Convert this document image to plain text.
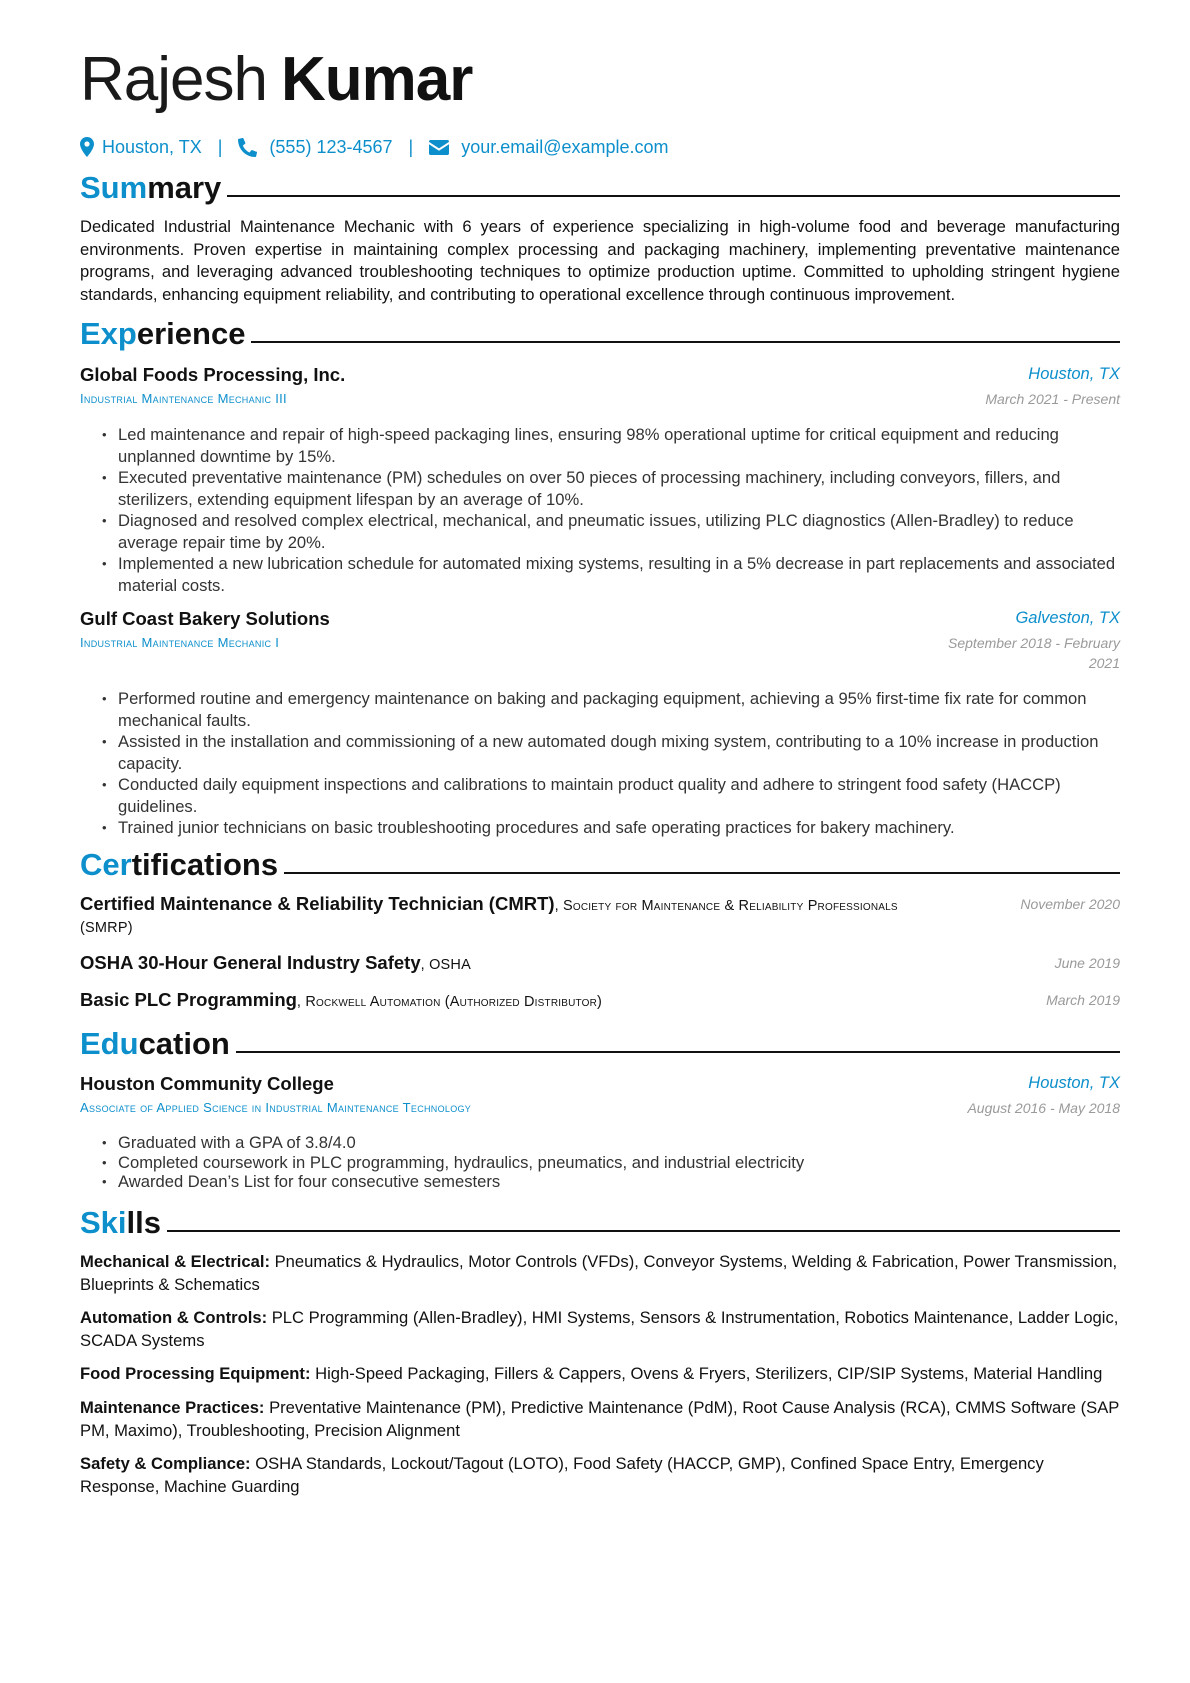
Rajesh Kumar
Houston, TX |	(555) 123-4567 |	your.email@example.com
Summary
Dedicated Industrial Maintenance Mechanic with 6 years of experience specializing in high-volume food and beverage manufacturing environments. Proven expertise in maintaining complex processing and packaging machinery, implementing preventative maintenance programs, and leveraging advanced troubleshooting techniques to optimize production uptime. Committed to upholding stringent hygiene standards, enhancing equipment reliability, and contributing to operational excellence through continuous improvement.
Experience
Global Foods Processing, Inc.	Houston, TX
Industrial Maintenance Mechanic III	March 2021 - Present
• Led maintenance and repair of high-speed packaging lines, ensuring 98% operational uptime for critical equipment and reducing unplanned downtime by 15%.
• Executed preventative maintenance (PM) schedules on over 50 pieces of processing machinery, including conveyors, fillers, and sterilizers, extending equipment lifespan by an average of 10%.
• Diagnosed and resolved complex electrical, mechanical, and pneumatic issues, utilizing PLC diagnostics (Allen-Bradley) to reduce average repair time by 20%.
• Implemented a new lubrication schedule for automated mixing systems, resulting in a 5% decrease in part replacements and associated material costs.
Gulf Coast Bakery Solutions	Galveston, TX
Industrial Maintenance Mechanic I	September 2018 - February
2021
• Performed routine and emergency maintenance on baking and packaging equipment, achieving a 95% first-time fix rate for common mechanical faults.
• Assisted in the installation and commissioning of a new automated dough mixing system, contributing to a 10% increase in production capacity.
• Conducted daily equipment inspections and calibrations to maintain product quality and adhere to stringent food safety (HACCP) guidelines.
• Trained junior technicians on basic troubleshooting procedures and safe operating practices for bakery machinery.
Certifications
Certified Maintenance & Reliability Technician (CMRT), Society for Maintenance & Reliability Professionals (SMRP)
November 2020
OSHA 30-Hour General Industry Safety, OSHA	June 2019
Basic PLC Programming, Rockwell Automation (Authorized Distributor)	March 2019
Education
Houston Community College	Houston, TX
Associate of Applied Science in Industrial Maintenance Technology	August 2016 - May 2018
• Graduated with a GPA of 3.8/4.0
• Completed coursework in PLC programming, hydraulics, pneumatics, and industrial electricity
• Awarded Dean’s List for four consecutive semesters
Skills
Mechanical & Electrical: Pneumatics & Hydraulics, Motor Controls (VFDs), Conveyor Systems, Welding & Fabrication, Power Transmission, Blueprints & Schematics
Automation & Controls: PLC Programming (Allen-Bradley), HMI Systems, Sensors & Instrumentation, Robotics Maintenance, Ladder Logic, SCADA Systems
Food Processing Equipment: High-Speed Packaging, Fillers & Cappers, Ovens & Fryers, Sterilizers, CIP/SIP Systems, Material Handling
Maintenance Practices: Preventative Maintenance (PM), Predictive Maintenance (PdM), Root Cause Analysis (RCA), CMMS Software (SAP PM, Maximo), Troubleshooting, Precision Alignment
Safety & Compliance: OSHA Standards, Lockout/Tagout (LOTO), Food Safety (HACCP, GMP), Confined Space Entry, Emergency Response, Machine Guarding
